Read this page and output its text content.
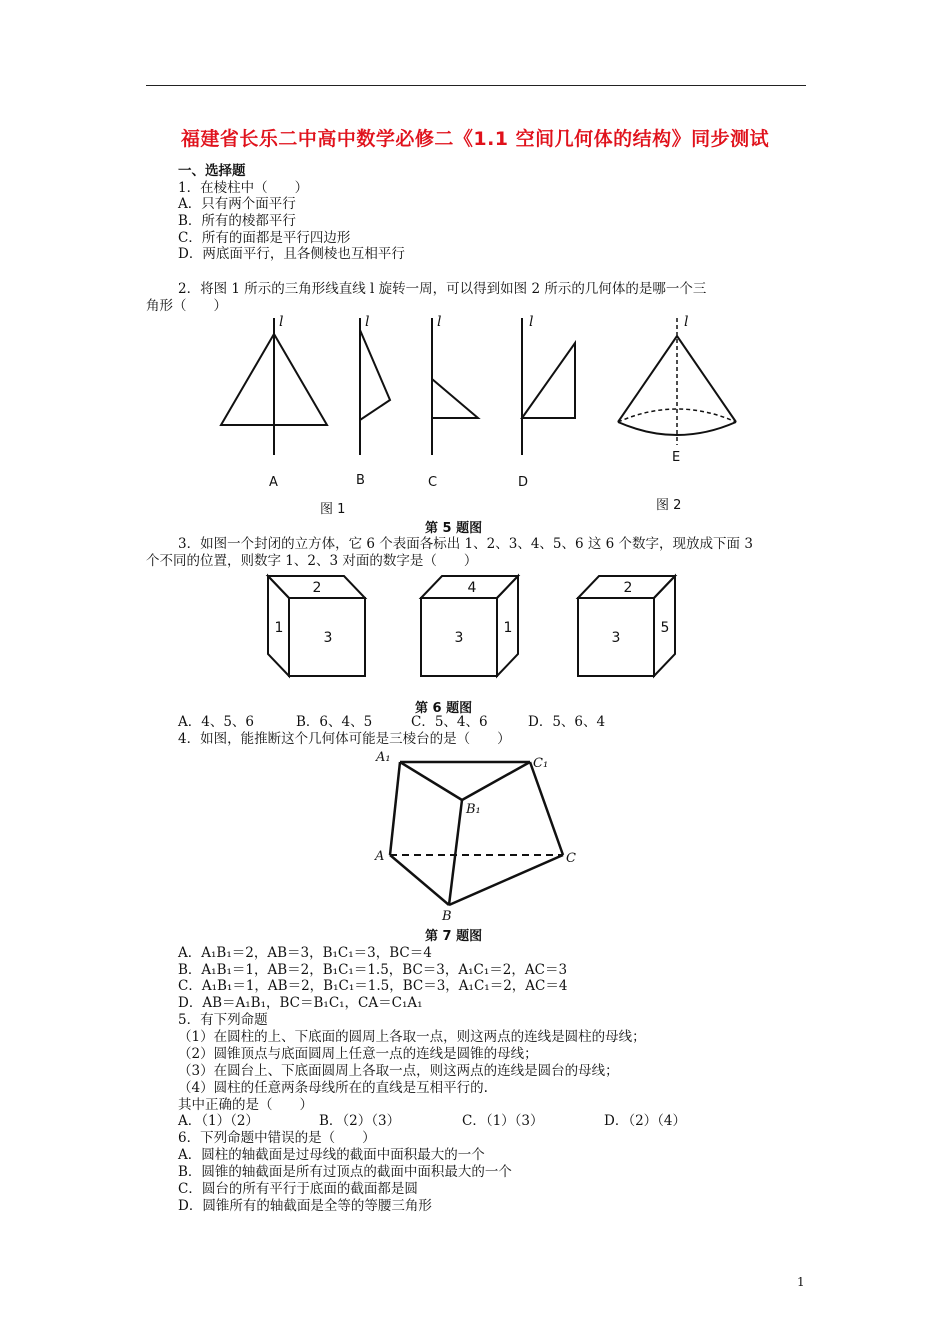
福建省长乐二中高中数学必修二《1.1 空间几何体的结构》同步测试
一、选择题
1．在棱柱中（　　）
A．只有两个面平行
B．所有的棱都平行
C．所有的面都是平行四边形
D．两底面平行，且各侧棱也互相平行
2．将图 1 所示的三角形线直线 l 旋转一周，可以得到如图 2 所示的几何体的是哪一个三
角形（　　）
l	l	l	l	l
A	B	C	D
E
图 1	图 2
第 5 题图
3．如图一个封闭的立方体，它 6 个表面各标出 1、2、3、4、5、6 这 6 个数字，现放成下面 3
个不同的位置，则数字 1、2、3 对面的数字是（　　）
2
3
1
4
3
1
2
3
5
第 6 题图
A．4、5、6	B．6、4、5	C．5、4、6	D．5、6、4
4．如图，能推断这个几何体可能是三棱台的是（　　）
A₁	C₁
B₁
A	C
B
第 7 题图
A．A₁B₁＝2，AB＝3，B₁C₁＝3，BC＝4
B．A₁B₁＝1，AB＝2，B₁C₁＝1.5，BC＝3，A₁C₁＝2，AC＝3
C．A₁B₁＝1，AB＝2，B₁C₁＝1.5，BC＝3，A₁C₁＝2，AC＝4
D．AB＝A₁B₁，BC＝B₁C₁，CA＝C₁A₁
5．有下列命题
（1）在圆柱的上、下底面的圆周上各取一点，则这两点的连线是圆柱的母线；
（2）圆锥顶点与底面圆周上任意一点的连线是圆锥的母线；
（3）在圆台上、下底面圆周上各取一点，则这两点的连线是圆台的母线；
（4）圆柱的任意两条母线所在的直线是互相平行的.
其中正确的是（　　）
A．（1）（2）	B．（2）（3）	C．（1）（3）	D．（2）（4）
6．下列命题中错误的是（　　）
A．圆柱的轴截面是过母线的截面中面积最大的一个
B．圆锥的轴截面是所有过顶点的截面中面积最大的一个
C．圆台的所有平行于底面的截面都是圆
D．圆锥所有的轴截面是全等的等腰三角形
1
